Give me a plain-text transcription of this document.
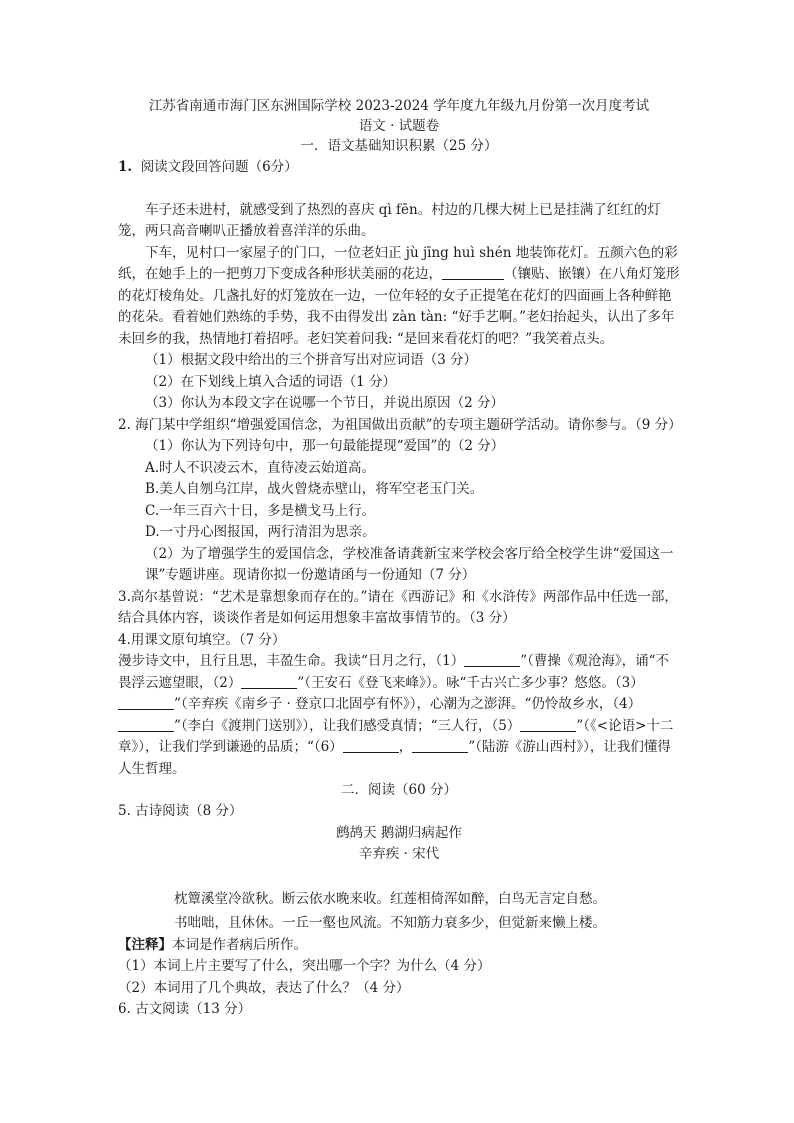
江苏省南通市海门区东洲国际学校 2023-2024 学年度九年级九月份第一次月度考试

语文 · 试题卷

一．语文基础知识积累（25 分）

1. 阅读文段回答问题（6分）

车子还未进村，就感受到了热烈的喜庆 qì fēn。村边的几棵大树上已是挂满了红红的灯笼，两只高音喇叭正播放着喜洋洋的乐曲。

下车，见村口一家屋子的门口，一位老妇正 jù jīng huì shén 地装饰花灯。五颜六色的彩纸，在她手上的一把剪刀下变成各种形状美丽的花边，	（镶贴、嵌镶）在八角灯笼形的花灯棱角处。几盏扎好的灯笼放在一边，一位年轻的女子正提笔在花灯的四面画上各种鲜艳的花朵。看着她们熟练的手势，我不由得发出 zàn tàn: “好手艺啊。”老妇抬起头，认出了多年未回乡的我，热情地打着招呼。老妇笑着问我: “是回来看花灯的吧？”我笑着点头。

（1）根据文段中给出的三个拼音写出对应词语（3 分）

（2）在下划线上填入合适的词语（1 分）

（3）你认为本段文字在说哪一个节日，并说出原因（2 分）

2. 海门某中学组织“增强爱国信念，为祖国做出贡献”的专项主题研学活动。请你参与。（9 分）

（1）你认为下列诗句中，那一句最能提现“爱国”的（2 分）

A.时人不识凌云木，直待凌云始道高。

B.美人自刎乌江岸，战火曾烧赤壁山，将军空老玉门关。

C.一年三百六十日，多是横戈马上行。

D.一寸丹心图报国，两行清泪为思亲。

（2）为了增强学生的爱国信念，学校准备请龚新宝来学校会客厅给全校学生讲“爱国这一课”专题讲座。现请你拟一份邀请函与一份通知（7 分）

3.高尔基曾说：“艺术是靠想象而存在的。”请在《西游记》和《水浒传》两部作品中任选一部，结合具体内容，谈谈作者是如何运用想象丰富故事情节的。（3 分）

4.用课文原句填空。（7 分）

漫步诗文中，且行且思，丰盈生命。我读“日月之行，（1）	”（曹操《观沧海》，诵“不畏浮云遮望眼，（2）	”（王安石《登飞来峰》）。咏“千古兴亡多少事？悠悠。（3）”（辛弃疾《南乡子 · 登京口北固亭有怀》），心潮为之澎湃。“仍怜故乡水，（4）”（李白《渡荆门送别》），让我们感受真情；“三人行，（5）	”（《<论语>十二章》），让我们学到谦逊的品质；“（6）	，	”（陆游《游山西村》），让我们懂得人生哲理。

二．阅读（60 分）

5. 古诗阅读（8 分）

鹧鸪天 鹅湖归病起作

辛弃疾 · 宋代

枕簟溪堂冷欲秋。断云依水晚来收。红莲相倚浑如醉，白鸟无言定自愁。

书咄咄，且休休。一丘一壑也风流。不知筋力衰多少，但觉新来懒上楼。

【注释】本词是作者病后所作。

（1）本词上片主要写了什么，突出哪一个字？为什么（4 分）

（2）本词用了几个典故，表达了什么？（4 分）

6. 古文阅读（13 分）
